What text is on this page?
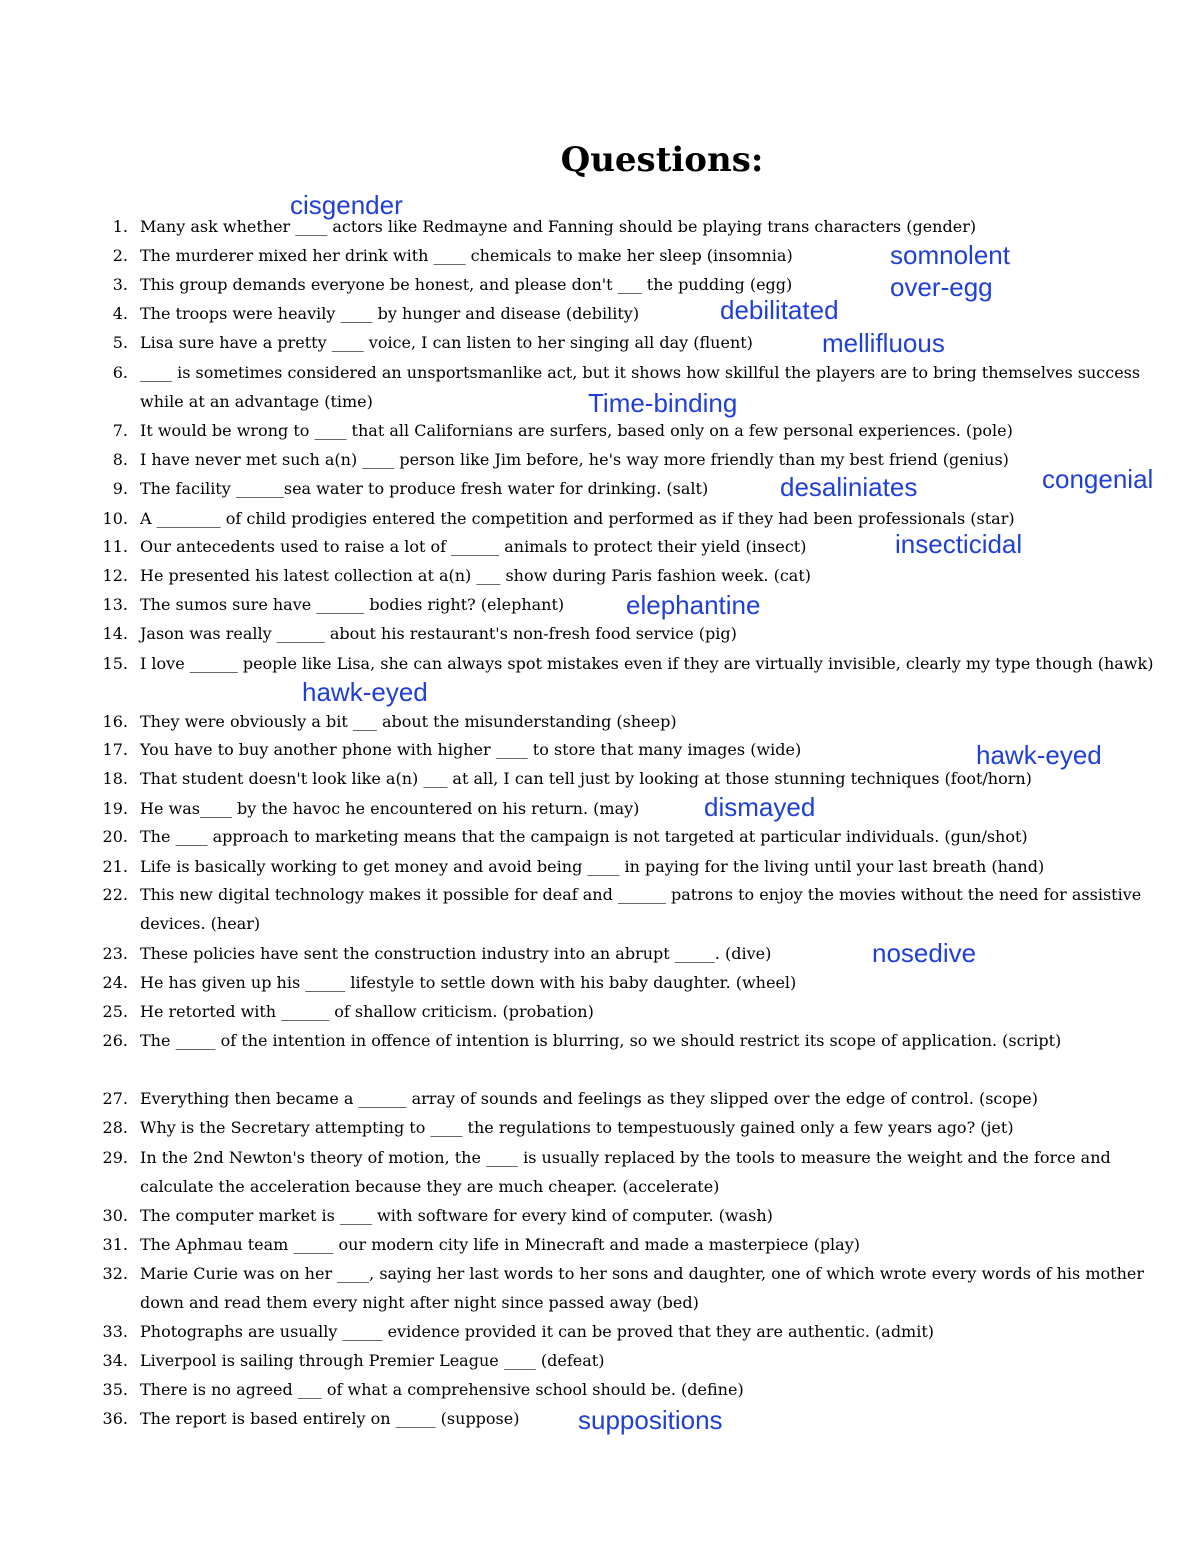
Questions:
1. Many ask whether ____ actors like Redmayne and Fanning should be playing trans characters (gender)
2. The murderer mixed her drink with ____ chemicals to make her sleep (insomnia)
3. This group demands everyone be honest, and please don't ___ the pudding (egg)
4. The troops were heavily ____ by hunger and disease (debility)
5. Lisa sure have a pretty ____ voice, I can listen to her singing all day (fluent)
6. ____ is sometimes considered an unsportsmanlike act, but it shows how skillful the players are to bring themselves success while at an advantage (time)
7. It would be wrong to ____ that all Californians are surfers, based only on a few personal experiences. (pole)
8. I have never met such a(n) ____ person like Jim before, he's way more friendly than my best friend (genius)
9. The facility ______sea water to produce fresh water for drinking. (salt)
10. A ________ of child prodigies entered the competition and performed as if they had been professionals (star)
11. Our antecedents used to raise a lot of ______ animals to protect their yield (insect)
12. He presented his latest collection at a(n) ___ show during Paris fashion week. (cat)
13. The sumos sure have ______ bodies right? (elephant)
14. Jason was really ______ about his restaurant's non-fresh food service (pig)
15. I love ______ people like Lisa, she can always spot mistakes even if they are virtually invisible, clearly my type though (hawk)
16. They were obviously a bit ___ about the misunderstanding (sheep)
17. You have to buy another phone with higher ____ to store that many images (wide)
18. That student doesn't look like a(n) ___ at all, I can tell just by looking at those stunning techniques (foot/horn)
19. He was____ by the havoc he encountered on his return. (may)
20. The ____ approach to marketing means that the campaign is not targeted at particular individuals. (gun/shot)
21. Life is basically working to get money and avoid being ____ in paying for the living until your last breath (hand)
22. This new digital technology makes it possible for deaf and ______ patrons to enjoy the movies without the need for assistive devices. (hear)
23. These policies have sent the construction industry into an abrupt _____. (dive)
24. He has given up his _____ lifestyle to settle down with his baby daughter. (wheel)
25. He retorted with ______ of shallow criticism. (probation)
26. The _____ of the intention in offence of intention is blurring, so we should restrict its scope of application. (script)
27. Everything then became a ______ array of sounds and feelings as they slipped over the edge of control. (scope)
28. Why is the Secretary attempting to ____ the regulations to tempestuously gained only a few years ago? (jet)
29. In the 2nd Newton's theory of motion, the ____ is usually replaced by the tools to measure the weight and the force and calculate the acceleration because they are much cheaper. (accelerate)
30. The computer market is ____ with software for every kind of computer. (wash)
31. The Aphmau team _____ our modern city life in Minecraft and made a masterpiece (play)
32. Marie Curie was on her ____, saying her last words to her sons and daughter, one of which wrote every words of his mother down and read them every night after night since passed away (bed)
33. Photographs are usually _____ evidence provided it can be proved that they are authentic. (admit)
34. Liverpool is sailing through Premier League ____ (defeat)
35. There is no agreed ___ of what a comprehensive school should be. (define)
36. The report is based entirely on _____ (suppose)
cisgender
somnolent
over-egg
debilitated
mellifluous
Time-binding
congenial
desaliniates
insecticidal
elephantine
hawk-eyed
hawk-eyed
dismayed
nosedive
suppositions
